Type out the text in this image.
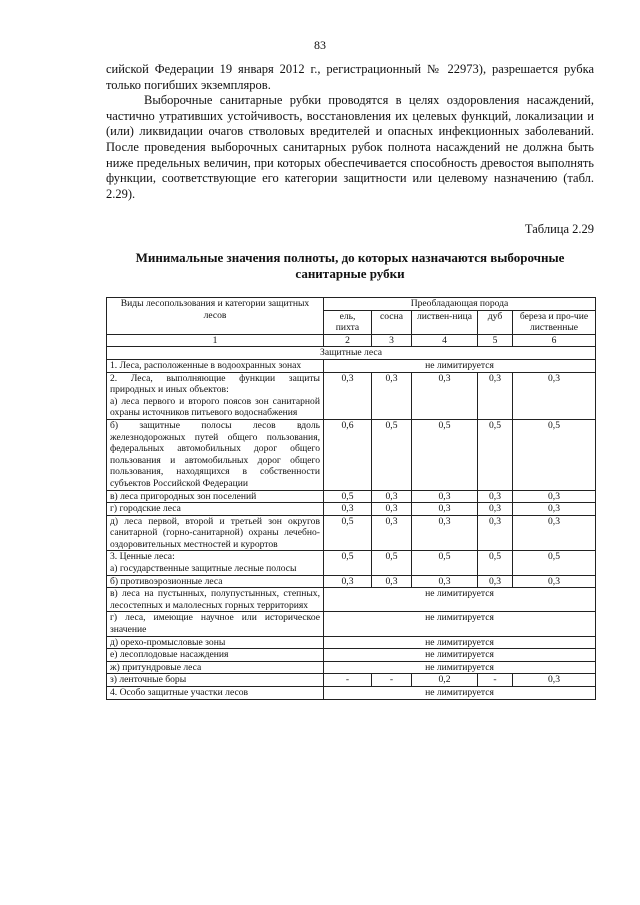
83

сийской Федерации 19 января 2012 г., регистрационный № 22973), разрешается рубка только погибших экземпляров.

Выборочные санитарные рубки проводятся в целях оздоровления насаждений, частично утративших устойчивость, восстановления их целевых функций, локализации и (или) ликвидации очагов стволовых вредителей и опасных инфекционных заболеваний. После проведения выборочных санитарных рубок полнота насаждений не должна быть ниже предельных величин, при которых обеспечивается способность древостоя выполнять функции, соответствующие его категории защитности или целевому назначению (табл. 2.29).

Таблица 2.29
Минимальные значения полноты, до которых назначаются выборочные санитарные рубки
Виды лесопользования и категории защитных лесов	Преобладающая порода				
	ель, пихта	сосна	листвен-ница	дуб	береза и про-чие лиственные
1	2	3	4	5	6
Защитные леса					
1. Леса, расположенные в водоохранных зонах	не лимитируется				
2. Леса, выполняющие функции защиты природных и иных объектов:
а) леса первого и второго поясов зон санитарной охраны источников питьевого водоснабжения	0,3	0,3	0,3	0,3	0,3
б) защитные полосы лесов вдоль железнодорожных путей общего пользования, федеральных автомобильных дорог общего пользования и автомобильных дорог общего пользования, находящихся в собственности субъектов Российской Федерации	0,6	0,5	0,5	0,5	0,5
в) леса пригородных зон поселений	0,5	0,3	0,3	0,3	0,3
г) городские леса	0,3	0,3	0,3	0,3	0,3
д) леса первой, второй и третьей зон округов санитарной (горно-санитарной) охраны лечебно-оздоровительных местностей и курортов	0,5	0,3	0,3	0,3	0,3
3. Ценные леса:
а) государственные защитные лесные полосы	0,5	0,5	0,5	0,5	0,5
б) противоэрозионные леса	0,3	0,3	0,3	0,3	0,3
в) леса на пустынных, полупустынных, степных, лесостепных и малолесных горных территориях	не лимитируется				
г) леса, имеющие научное или историческое значение	не лимитируется				
д) орехо-промысловые зоны	не лимитируется				
е) лесоплодовые насаждения	не лимитируется				
ж) притундровые леса	не лимитируется				
з) ленточные боры	-	-	0,2	-	0,3
4. Особо защитные участки лесов	не лимитируется				
